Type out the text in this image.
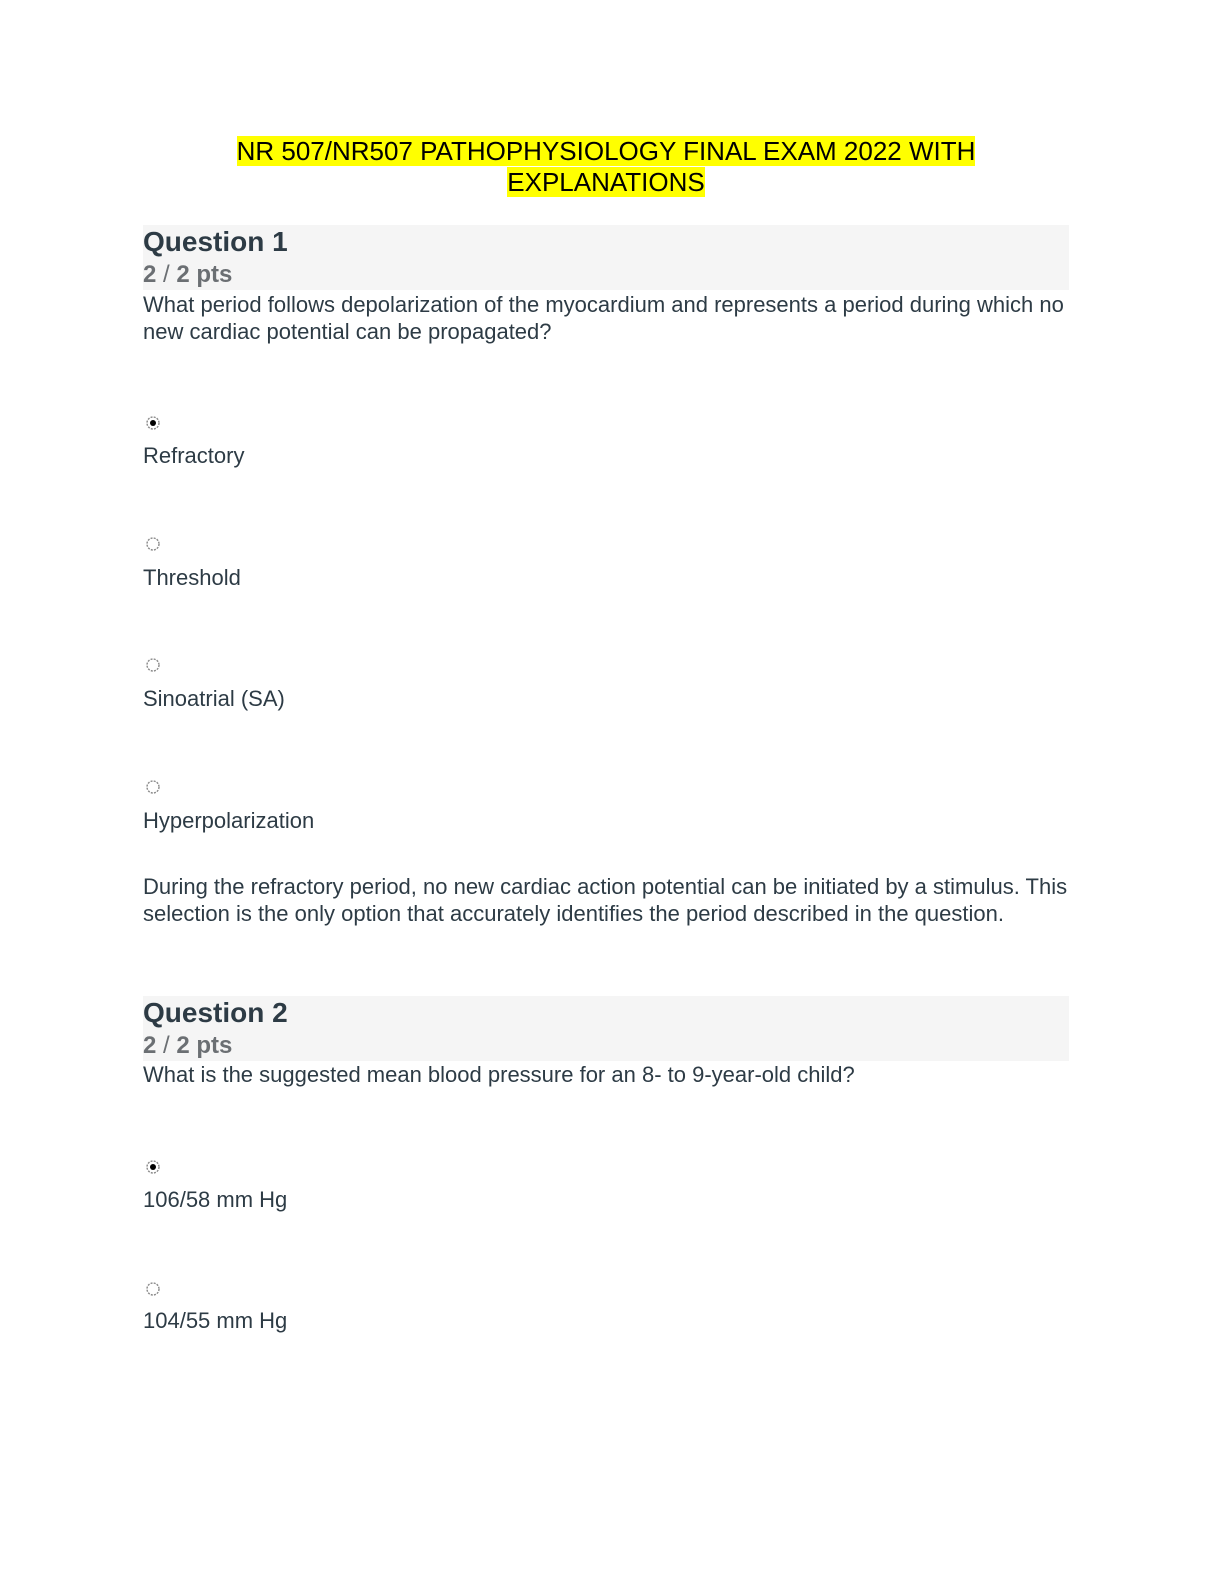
NR 507/NR507 PATHOPHYSIOLOGY FINAL EXAM 2022 WITH
EXPLANATIONS
Question 1
2 / 2 pts
What period follows depolarization of the myocardium and represents a period during which no new cardiac potential can be propagated?
Refractory
Threshold
Sinoatrial (SA)
Hyperpolarization
During the refractory period, no new cardiac action potential can be initiated by a stimulus. This selection is the only option that accurately identifies the period described in the question.
Question 2
2 / 2 pts
What is the suggested mean blood pressure for an 8- to 9-year-old child?
106/58 mm Hg
104/55 mm Hg
